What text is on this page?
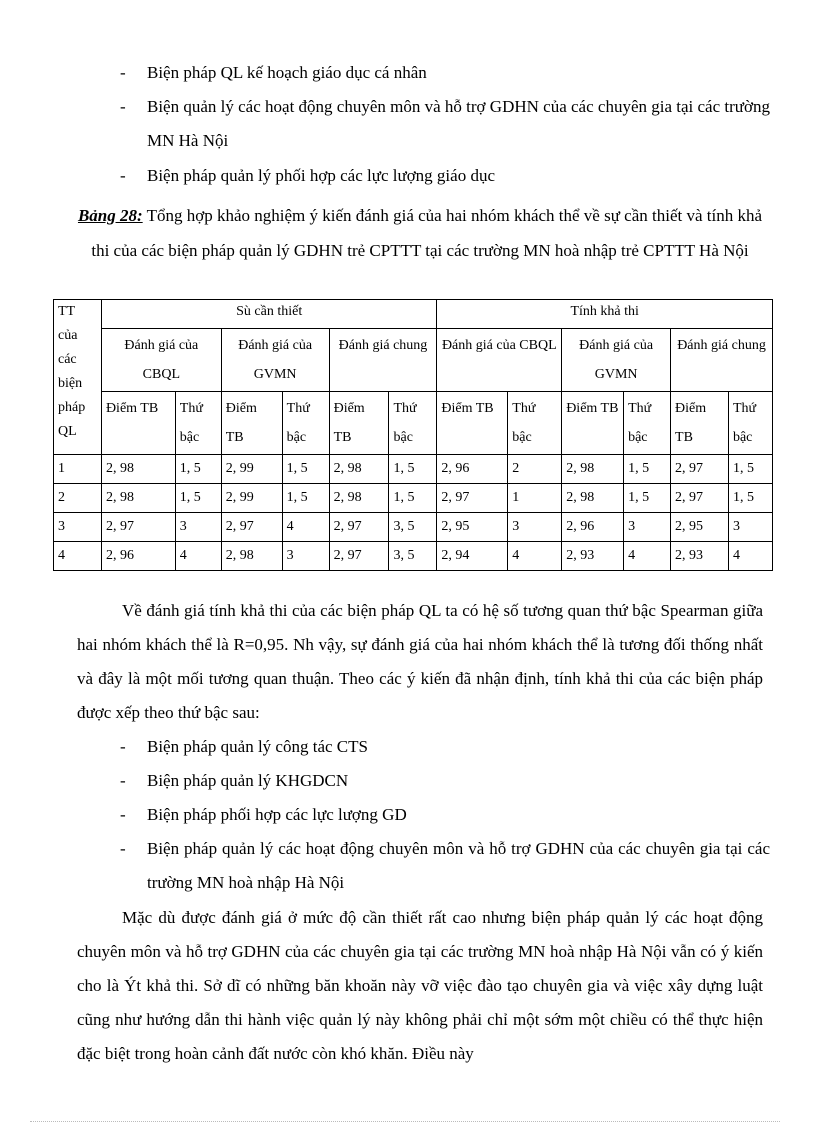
- Biện pháp QL kế hoạch giáo dục cá nhân
- Biện quản lý các hoạt động chuyên môn và hỗ trợ GDHN của các chuyên gia tại các trường MN Hà Nội
- Biện pháp quản lý phối hợp các lực lượng giáo dục
Bảng 28: Tổng hợp khảo nghiệm ý kiến đánh giá của hai nhóm khách thể về sự cần thiết và tính khả thi của các biện pháp quản lý GDHN trẻ CPTTT tại các trường MN hoà nhập trẻ CPTTT Hà Nội
TT của các biện pháp QL	Sù cần thiết						Tính khả thi					
	Đánh giá của CBQL		Đánh giá của GVMN		Đánh giá chung		Đánh giá của CBQL		Đánh giá của GVMN		Đánh giá chung	
	Điểm TB	Thứ bậc	Điểm TB	Thứ bậc	Điểm TB	Thứ bậc	Điểm TB	Thứ bậc	Điểm TB	Thứ bậc	Điểm TB	Thứ bậc
1	2, 98	1, 5	2, 99	1, 5	2, 98	1, 5	2, 96	2	2, 98	1, 5	2, 97	1, 5
2	2, 98	1, 5	2, 99	1, 5	2, 98	1, 5	2, 97	1	2, 98	1, 5	2, 97	1, 5
3	2, 97	3	2, 97	4	2, 97	3, 5	2, 95	3	2, 96	3	2, 95	3
4	2, 96	4	2, 98	3	2, 97	3, 5	2, 94	4	2, 93	4	2, 93	4
Về đánh giá tính khả thi của các biện pháp QL ta có hệ số tương quan thứ bậc Spearman giữa hai nhóm khách thể là R=0,95. Nh vậy, sự đánh giá của hai nhóm khách thể là tương đối thống nhất và đây là một mối tương quan thuận. Theo các ý kiến đã nhận định, tính khả thi của các biện pháp được xếp theo thứ bậc sau:
- Biện pháp quản lý công tác CTS
- Biện pháp quản lý KHGDCN
- Biện pháp phối hợp các lực lượng GD
- Biện pháp quản lý các hoạt động chuyên môn và hỗ trợ GDHN của các chuyên gia tại các trường MN hoà nhập Hà Nội
Mặc dù được đánh giá ở mức độ cần thiết rất cao nhưng biện pháp quản lý các hoạt động chuyên môn và hỗ trợ GDHN của các chuyên gia tại các trường MN hoà nhập Hà Nội vẫn có ý kiến cho là Ýt khả thi. Sở dĩ có những băn khoăn này vỡ việc đào tạo chuyên gia và việc xây dựng luật cũng như hướng dẫn thi hành việc quản lý này không phải chỉ một sớm một chiều có thể thực hiện đặc biệt trong hoàn cảnh đất nước còn khó khăn. Điều này
